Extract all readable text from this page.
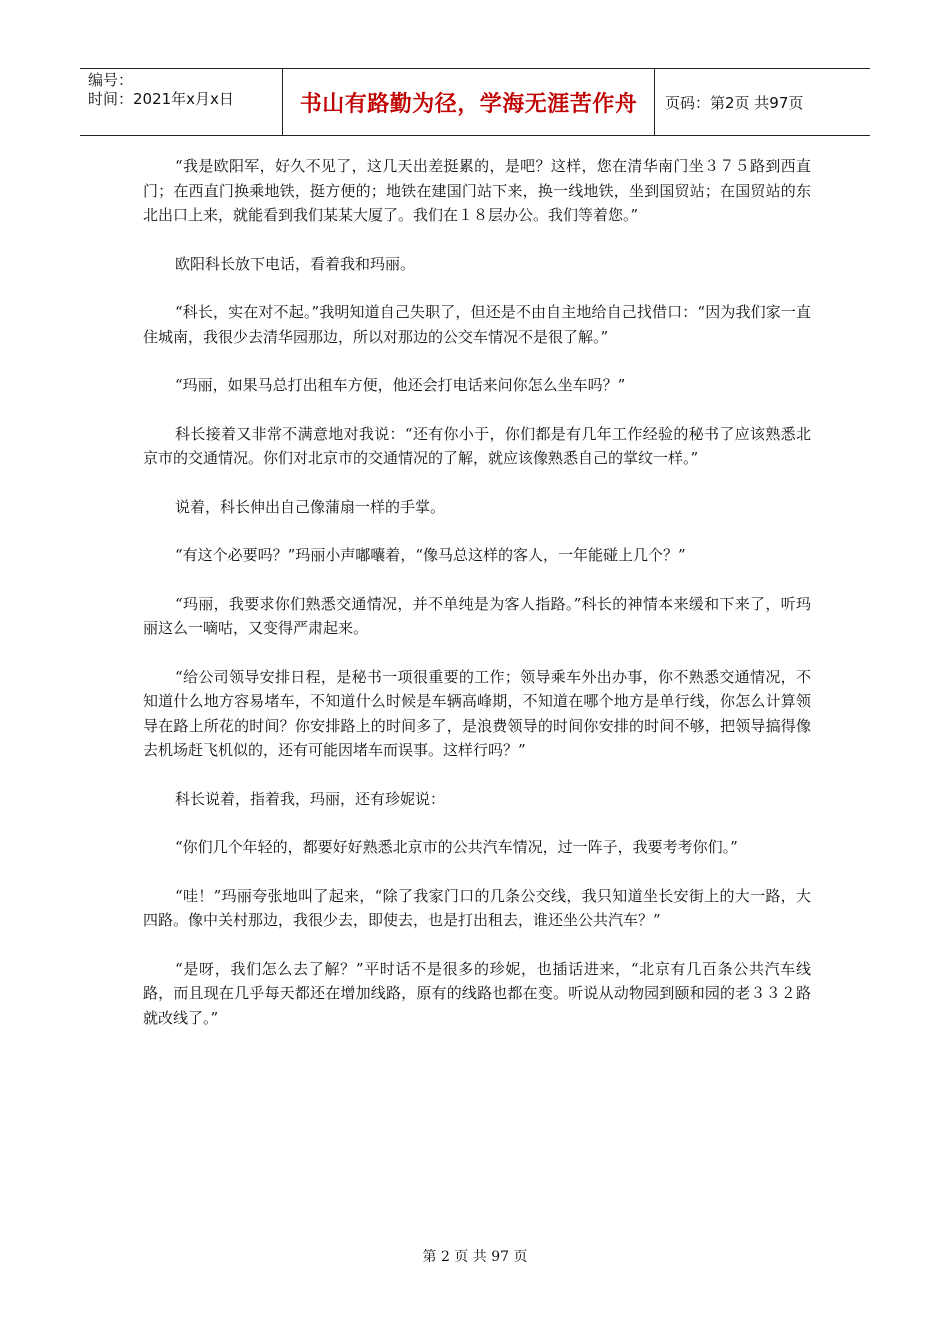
编号：
时间：2021年x月x日	书山有路勤为径，学海无涯苦作舟	页码：第2页 共97页

“我是欧阳军，好久不见了，这几天出差挺累的，是吧？这样，您在清华南门坐３７５路到西直门；在西直门换乘地铁，挺方便的；地铁在建国门站下来，换一线地铁，坐到国贸站；在国贸站的东北出口上来，就能看到我们某某大厦了。我们在１８层办公。我们等着您。”

欧阳科长放下电话，看着我和玛丽。

“科长，实在对不起。”我明知道自己失职了，但还是不由自主地给自己找借口：“因为我们家一直住城南，我很少去清华园那边，所以对那边的公交车情况不是很了解。”

“玛丽，如果马总打出租车方便，他还会打电话来问你怎么坐车吗？”

科长接着又非常不满意地对我说：“还有你小于，你们都是有几年工作经验的秘书了应该熟悉北京市的交通情况。你们对北京市的交通情况的了解，就应该像熟悉自己的掌纹一样。”

说着，科长伸出自己像蒲扇一样的手掌。

“有这个必要吗？”玛丽小声嘟囔着，“像马总这样的客人，一年能碰上几个？”

“玛丽，我要求你们熟悉交通情况，并不单纯是为客人指路。”科长的神情本来缓和下来了，听玛丽这么一嘀咕，又变得严肃起来。

“给公司领导安排日程，是秘书一项很重要的工作；领导乘车外出办事，你不熟悉交通情况，不知道什么地方容易堵车，不知道什么时候是车辆高峰期，不知道在哪个地方是单行线，你怎么计算领导在路上所花的时间？你安排路上的时间多了，是浪费领导的时间你安排的时间不够，把领导搞得像去机场赶飞机似的，还有可能因堵车而误事。这样行吗？”

科长说着，指着我，玛丽，还有珍妮说：

“你们几个年轻的，都要好好熟悉北京市的公共汽车情况，过一阵子，我要考考你们。”

“哇！”玛丽夸张地叫了起来，“除了我家门口的几条公交线，我只知道坐长安街上的大一路，大四路。像中关村那边，我很少去，即使去，也是打出租去，谁还坐公共汽车？”

“是呀，我们怎么去了解？”平时话不是很多的珍妮，也插话进来，“北京有几百条公共汽车线路，而且现在几乎每天都还在增加线路，原有的线路也都在变。听说从动物园到颐和园的老３３２路就改线了。”

第 2 页 共 97 页
